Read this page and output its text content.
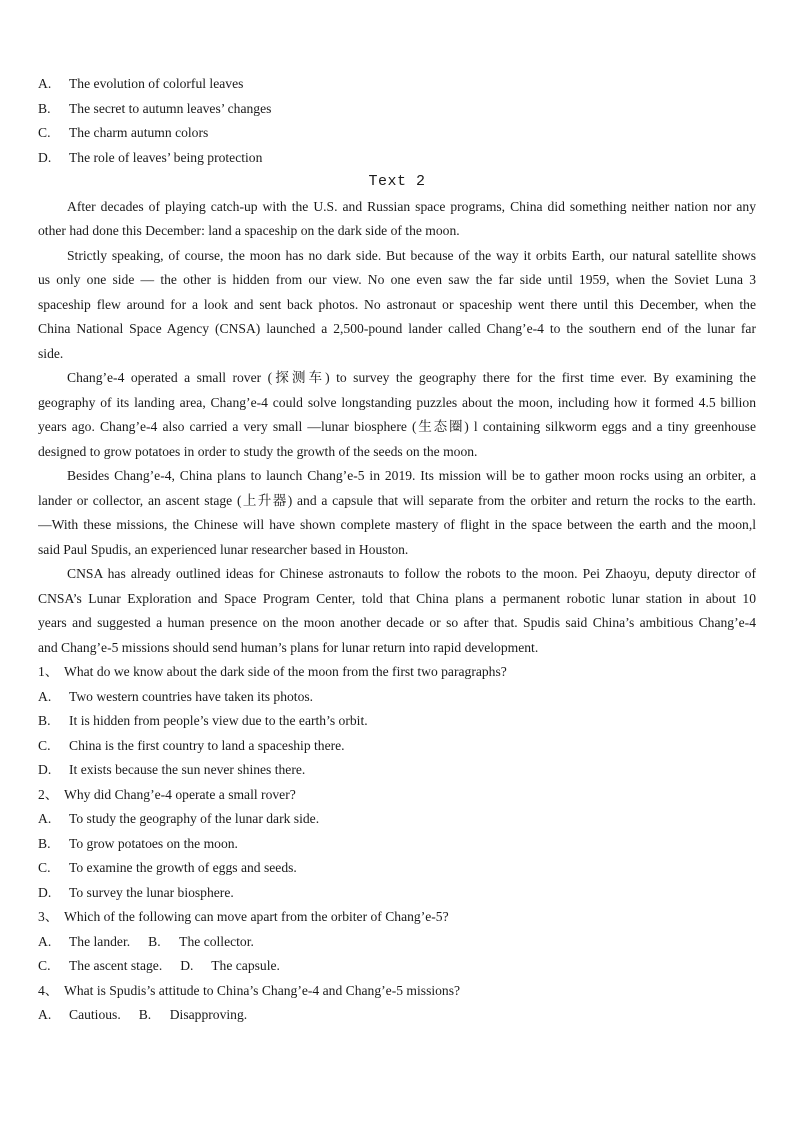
A. The evolution of colorful leaves
B. The secret to autumn leaves’ changes
C. The charm autumn colors
D. The role of leaves’ being protection
Text 2
After decades of playing catch-up with the U.S. and Russian space programs, China did something neither nation nor any
other had done this December: land a spaceship on the dark side of the moon.
Strictly speaking, of course, the moon has no dark side. But because of the way it orbits Earth, our natural satellite shows
us only one side — the other is hidden from our view. No one even saw the far side until 1959, when the Soviet Luna 3
spaceship flew around for a look and sent back photos. No astronaut or spaceship went there until this December, when the
China National Space Agency (CNSA) launched a 2,500-pound lander called Chang’e-4 to the southern end of the lunar far
side.
Chang’e-4 operated a small rover (探测车) to survey the geography there for the first time ever. By examining the
geography of its landing area, Chang’e-4 could solve longstanding puzzles about the moon, including how it formed 4.5 billion
years ago. Chang’e-4 also carried a very small —lunar biosphere (生态圈) l containing silkworm eggs and a tiny greenhouse
designed to grow potatoes in order to study the growth of the seeds on the moon.
Besides Chang’e-4, China plans to launch Chang’e-5 in 2019. Its mission will be to gather moon rocks using an orbiter, a
lander or collector, an ascent stage (上升器) and a capsule that will separate from the orbiter and return the rocks to the earth.
—With these missions, the Chinese will have shown complete mastery of flight in the space between the earth and the moon,l
said Paul Spudis, an experienced lunar researcher based in Houston.
CNSA has already outlined ideas for Chinese astronauts to follow the robots to the moon. Pei Zhaoyu, deputy director of
CNSA’s Lunar Exploration and Space Program Center, told that China plans a permanent robotic lunar station in about 10
years and suggested a human presence on the moon another decade or so after that. Spudis said China’s ambitious Chang’e-4
and Chang’e-5 missions should send human’s plans for lunar return into rapid development.
1、 What do we know about the dark side of the moon from the first two paragraphs?
A. Two western countries have taken its photos.
B. It is hidden from people’s view due to the earth’s orbit.
C. China is the first country to land a spaceship there.
D. It exists because the sun never shines there.
2、 Why did Chang’e-4 operate a small rover?
A. To study the geography of the lunar dark side.
B. To grow potatoes on the moon.
C. To examine the growth of eggs and seeds.
D. To survey the lunar biosphere.
3、 Which of the following can move apart from the orbiter of Chang’e-5?
A. The lander. B. The collector.
C. The ascent stage. D. The capsule.
4、 What is Spudis’s attitude to China’s Chang’e-4 and Chang’e-5 missions?
A. Cautious. B. Disapproving.
